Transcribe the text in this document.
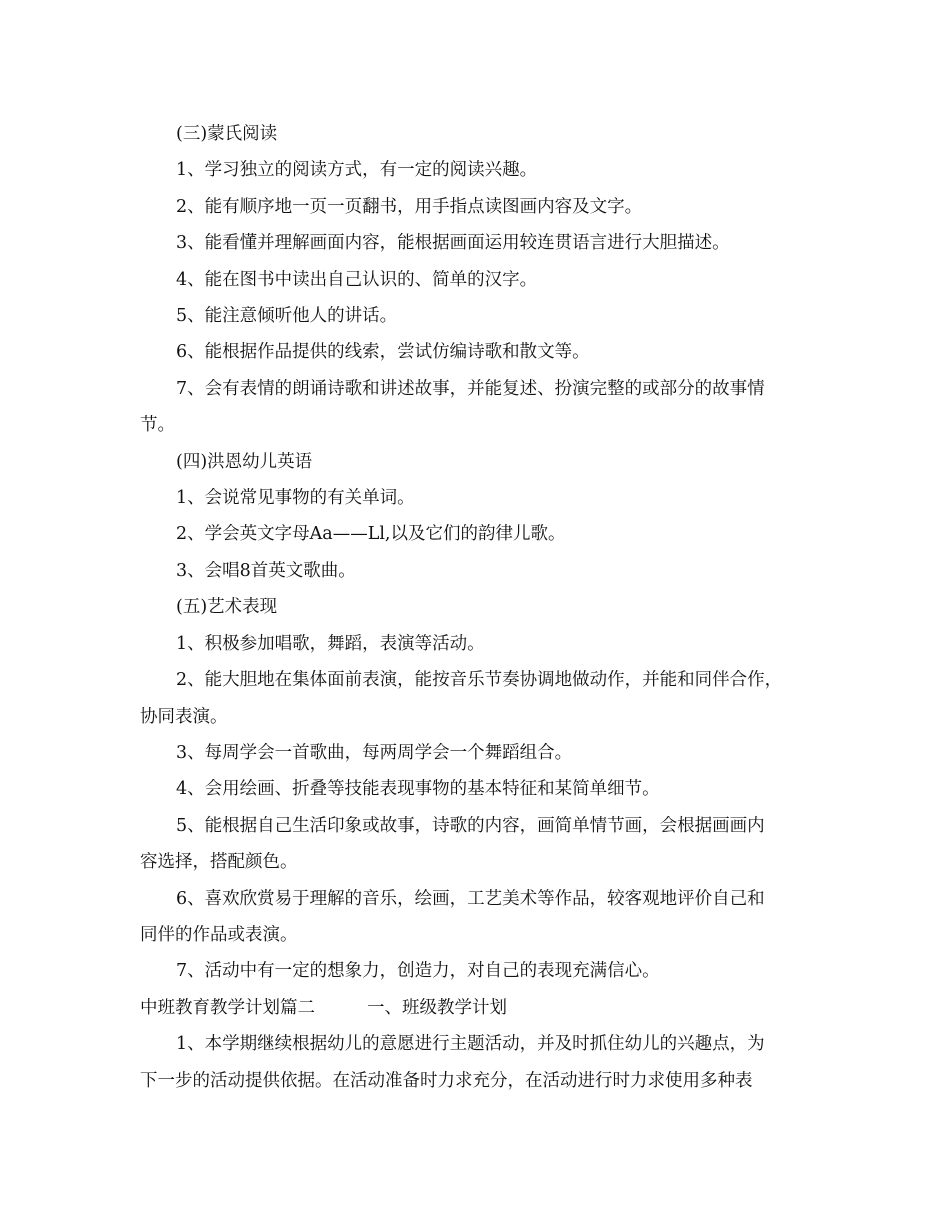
(三)蒙氏阅读

1、学习独立的阅读方式，有一定的阅读兴趣。

2、能有顺序地一页一页翻书，用手指点读图画内容及文字。

3、能看懂并理解画面内容，能根据画面运用较连贯语言进行大胆描述。

4、能在图书中读出自己认识的、简单的汉字。

5、能注意倾听他人的讲话。

6、能根据作品提供的线索，尝试仿编诗歌和散文等。

7、会有表情的朗诵诗歌和讲述故事，并能复述、扮演完整的或部分的故事情

节。

(四)洪恩幼儿英语

1、会说常见事物的有关单词。

2、学会英文字母Aa——Ll,以及它们的韵律儿歌。

3、会唱8首英文歌曲。

(五)艺术表现

1、积极参加唱歌，舞蹈，表演等活动。

2、能大胆地在集体面前表演，能按音乐节奏协调地做动作，并能和同伴合作，

协同表演。

3、每周学会一首歌曲，每两周学会一个舞蹈组合。

4、会用绘画、折叠等技能表现事物的基本特征和某简单细节。

5、能根据自己生活印象或故事，诗歌的内容，画简单情节画，会根据画画内

容选择，搭配颜色。

6、喜欢欣赏易于理解的音乐，绘画，工艺美术等作品，较客观地评价自己和

同伴的作品或表演。

7、活动中有一定的想象力，创造力，对自己的表现充满信心。

中班教育教学计划篇二	一、班级教学计划

1、本学期继续根据幼儿的意愿进行主题活动，并及时抓住幼儿的兴趣点，为

下一步的活动提供依据。在活动准备时力求充分，在活动进行时力求使用多种表
